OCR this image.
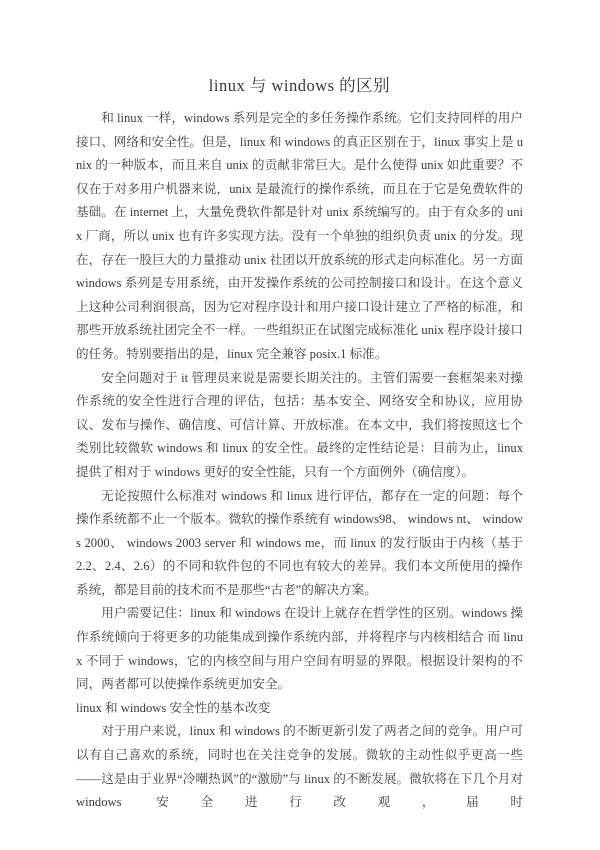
linux 与 windows 的区别

和 linux 一样，windows 系列是完全的多任务操作系统。它们支持同样的用户接口、网络和安全性。但是，linux 和 windows 的真正区别在于，linux 事实上是 unix 的一种版本，而且来自 unix 的贡献非常巨大。是什么使得 unix 如此重要？不仅在于对多用户机器来说，unix 是最流行的操作系统，而且在于它是免费软件的基础。在 internet 上，大量免费软件都是针对 unix 系统编写的。由于有众多的 unix 厂商，所以 unix 也有许多实现方法。没有一个单独的组织负责 unix 的分发。现在，存在一股巨大的力量推动 unix 社团以开放系统的形式走向标准化。另一方面 windows 系列是专用系统，由开发操作系统的公司控制接口和设计。在这个意义上这种公司利润很高，因为它对程序设计和用户接口设计建立了严格的标准，和那些开放系统社团完全不一样。一些组织正在试图完成标准化 unix 程序设计接口的任务。特别要指出的是，linux 完全兼容 posix.1 标准。

安全问题对于 it 管理员来说是需要长期关注的。主管们需要一套框架来对操作系统的安全性进行合理的评估，包括：基本安全、网络安全和协议，应用协议、发布与操作、确信度、可信计算、开放标准。在本文中，我们将按照这七个类别比较微软 windows 和 linux 的安全性。最终的定性结论是：目前为止，linux 提供了相对于 windows 更好的安全性能，只有一个方面例外（确信度）。

无论按照什么标准对 windows 和 linux 进行评估，都存在一定的问题：每个操作系统都不止一个版本。微软的操作系统有 windows98、 windows nt、 windows 2000、 windows 2003 server 和 windows me，而 linux 的发行版由于内核（基于 2.2、2.4、2.6）的不同和软件包的不同也有较大的差异。我们本文所使用的操作系统，都是目前的技术而不是那些“古老”的解决方案。

用户需要记住：linux 和 windows 在设计上就存在哲学性的区别。windows 操作系统倾向于将更多的功能集成到操作系统内部，并将程序与内核相结合 而 linux 不同于 windows，它的内核空间与用户空间有明显的界限。根据设计架构的不同，两者都可以使操作系统更加安全。

linux 和 windows 安全性的基本改变

对于用户来说，linux 和 windows 的不断更新引发了两者之间的竞争。用户可以有自己喜欢的系统，同时也在关注竞争的发展。微软的主动性似乎更高一些——这是由于业界“冷嘲热讽”的“激励”与 linux 的不断发展。微软将在下几个月对 windows 安全进行改观，届时
